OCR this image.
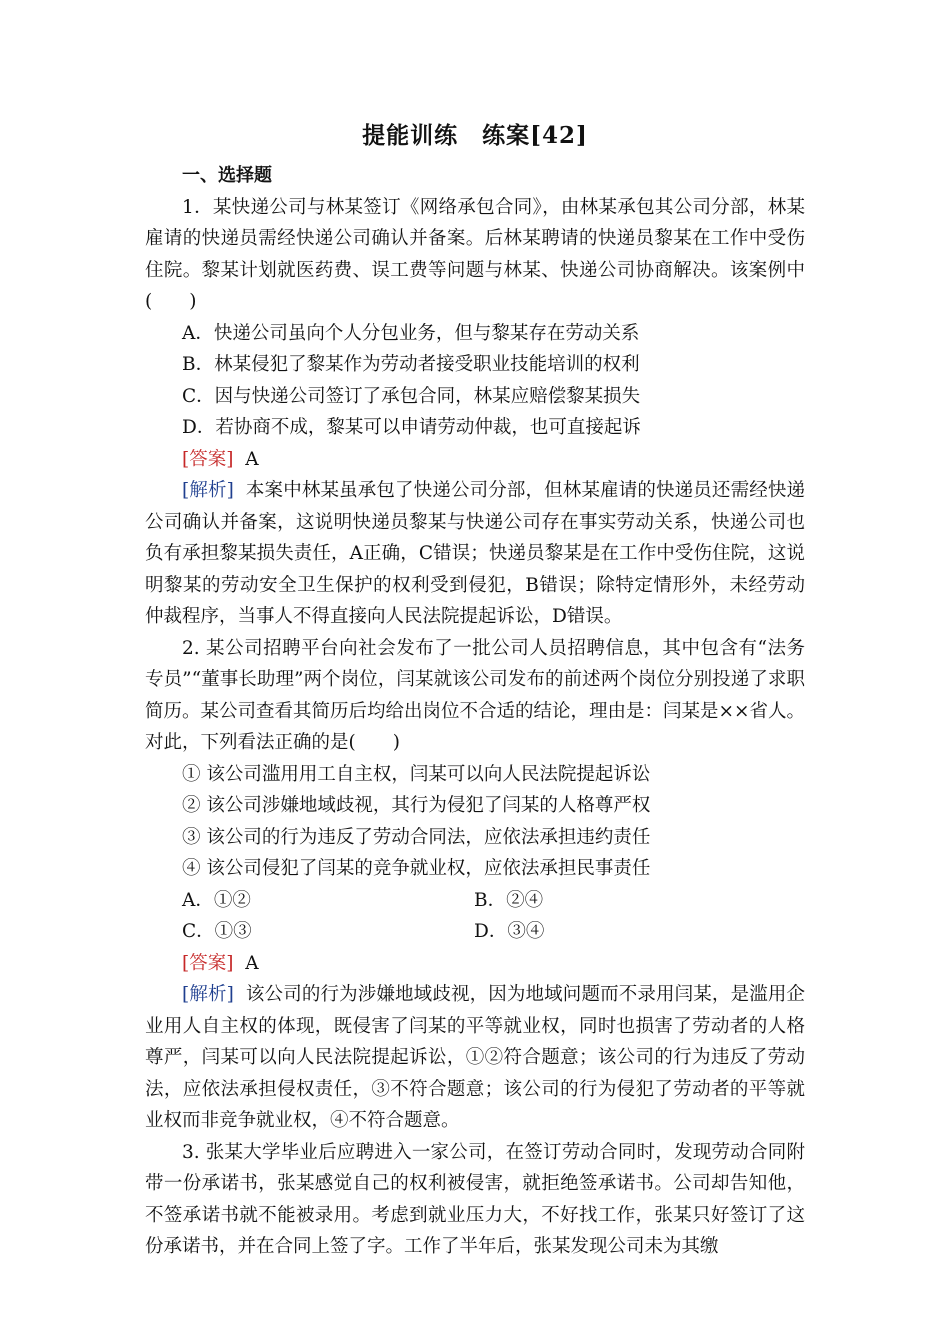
提能训练　练案[42]
一、选择题

1．某快递公司与林某签订《网络承包合同》，由林某承包其公司分部，林某雇请的快递员需经快递公司确认并备案。后林某聘请的快递员黎某在工作中受伤住院。黎某计划就医药费、误工费等问题与林某、快递公司协商解决。该案例中(　　)

A．快递公司虽向个人分包业务，但与黎某存在劳动关系

B．林某侵犯了黎某作为劳动者接受职业技能培训的权利

C．因与快递公司签订了承包合同，林某应赔偿黎某损失

D．若协商不成，黎某可以申请劳动仲裁，也可直接起诉

[答案] A

[解析] 本案中林某虽承包了快递公司分部，但林某雇请的快递员还需经快递公司确认并备案，这说明快递员黎某与快递公司存在事实劳动关系，快递公司也负有承担黎某损失责任，A正确，C错误；快递员黎某是在工作中受伤住院，这说明黎某的劳动安全卫生保护的权利受到侵犯，B错误；除特定情形外，未经劳动仲裁程序，当事人不得直接向人民法院提起诉讼，D错误。

2. 某公司招聘平台向社会发布了一批公司人员招聘信息，其中包含有“法务专员”“董事长助理”两个岗位，闫某就该公司发布的前述两个岗位分别投递了求职简历。某公司查看其简历后均给出岗位不合适的结论，理由是：闫某是××省人。对此，下列看法正确的是(　　)

① 该公司滥用用工自主权，闫某可以向人民法院提起诉讼

② 该公司涉嫌地域歧视，其行为侵犯了闫某的人格尊严权

③ 该公司的行为违反了劳动合同法，应依法承担违约责任

④ 该公司侵犯了闫某的竞争就业权，应依法承担民事责任

A．①②	B．②④
C．①③	D．③④

[答案] A

[解析] 该公司的行为涉嫌地域歧视，因为地域问题而不录用闫某，是滥用企业用人自主权的体现，既侵害了闫某的平等就业权，同时也损害了劳动者的人格尊严，闫某可以向人民法院提起诉讼，①②符合题意；该公司的行为违反了劳动法，应依法承担侵权责任，③不符合题意；该公司的行为侵犯了劳动者的平等就业权而非竞争就业权，④不符合题意。

3. 张某大学毕业后应聘进入一家公司，在签订劳动合同时，发现劳动合同附带一份承诺书，张某感觉自己的权利被侵害，就拒绝签承诺书。公司却告知他，不签承诺书就不能被录用。考虑到就业压力大，不好找工作，张某只好签订了这份承诺书，并在合同上签了字。工作了半年后，张某发现公司未为其缴
